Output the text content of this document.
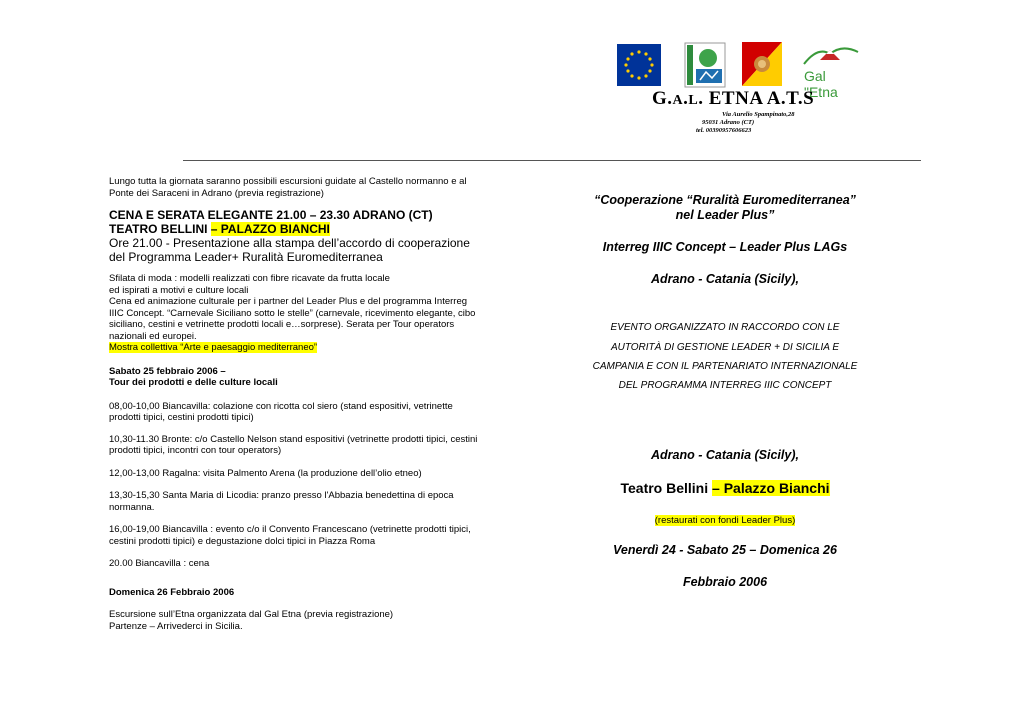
Gal "Etna
G.A.L. ETNA A.T.S
Via Aurelio Spampinato,28
95031 Adrano (CT)
tel. 00390957606623

Lungo tutta la giornata saranno possibili escursioni guidate al Castello normanno e al

Ponte dei Saraceni in Adrano (previa registrazione)

CENA E SERATA ELEGANTE 21.00 – 23.30 ADRANO (CT)

TEATRO BELLINI – PALAZZO BIANCHI

Ore 21.00 - Presentazione alla stampa dell’accordo di cooperazione

del Programma Leader+ Ruralità Euromediterranea

Sfilata di moda : modelli realizzati con fibre ricavate da frutta locale

ed ispirati a motivi e culture locali

Cena ed animazione culturale per i partner del Leader Plus e del programma Interreg

IIIC Concept. “Carnevale Siciliano sotto le stelle” (carnevale, ricevimento elegante, cibo

siciliano, cestini e vetrinette prodotti locali e…sorprese). Serata per Tour operators

nazionali ed europei.

Mostra collettiva “Arte e paesaggio mediterraneo”

Sabato 25 febbraio 2006 –

Tour dei prodotti e delle culture locali

08,00-10,00 Biancavilla: colazione con ricotta col siero (stand espositivi, vetrinette

prodotti tipici, cestini prodotti tipici)

10,30-11.30 Bronte: c/o Castello Nelson stand espositivi (vetrinette prodotti tipici, cestini

prodotti tipici, incontri con tour operators)

12,00-13,00 Ragalna: visita Palmento Arena (la produzione dell’olio etneo)

13,30-15,30 Santa Maria di Licodia: pranzo presso l'Abbazia benedettina di epoca

normanna.

16,00-19,00 Biancavilla : evento c/o il Convento Francescano (vetrinette prodotti tipici,

cestini prodotti tipici) e degustazione dolci tipici in Piazza Roma

20.00 Biancavilla : cena

Domenica 26 Febbraio 2006

Escursione sull’Etna organizzata dal Gal Etna (previa registrazione)

Partenze – Arrivederci in Sicilia.

“Cooperazione “Ruralità Euromediterranea”
nel Leader Plus”
Interreg IIIC Concept – Leader Plus LAGs
Adrano - Catania (Sicily),
EVENTO ORGANIZZATO IN RACCORDO CON LE
AUTORITÀ DI GESTIONE LEADER + DI SICILIA E
CAMPANIA E CON IL PARTENARIATO INTERNAZIONALE
DEL PROGRAMMA INTERREG IIIC CONCEPT
Adrano - Catania (Sicily),
Teatro Bellini – Palazzo Bianchi
(restaurati con fondi Leader Plus)
Venerdì 24 - Sabato 25 – Domenica 26
Febbraio 2006
